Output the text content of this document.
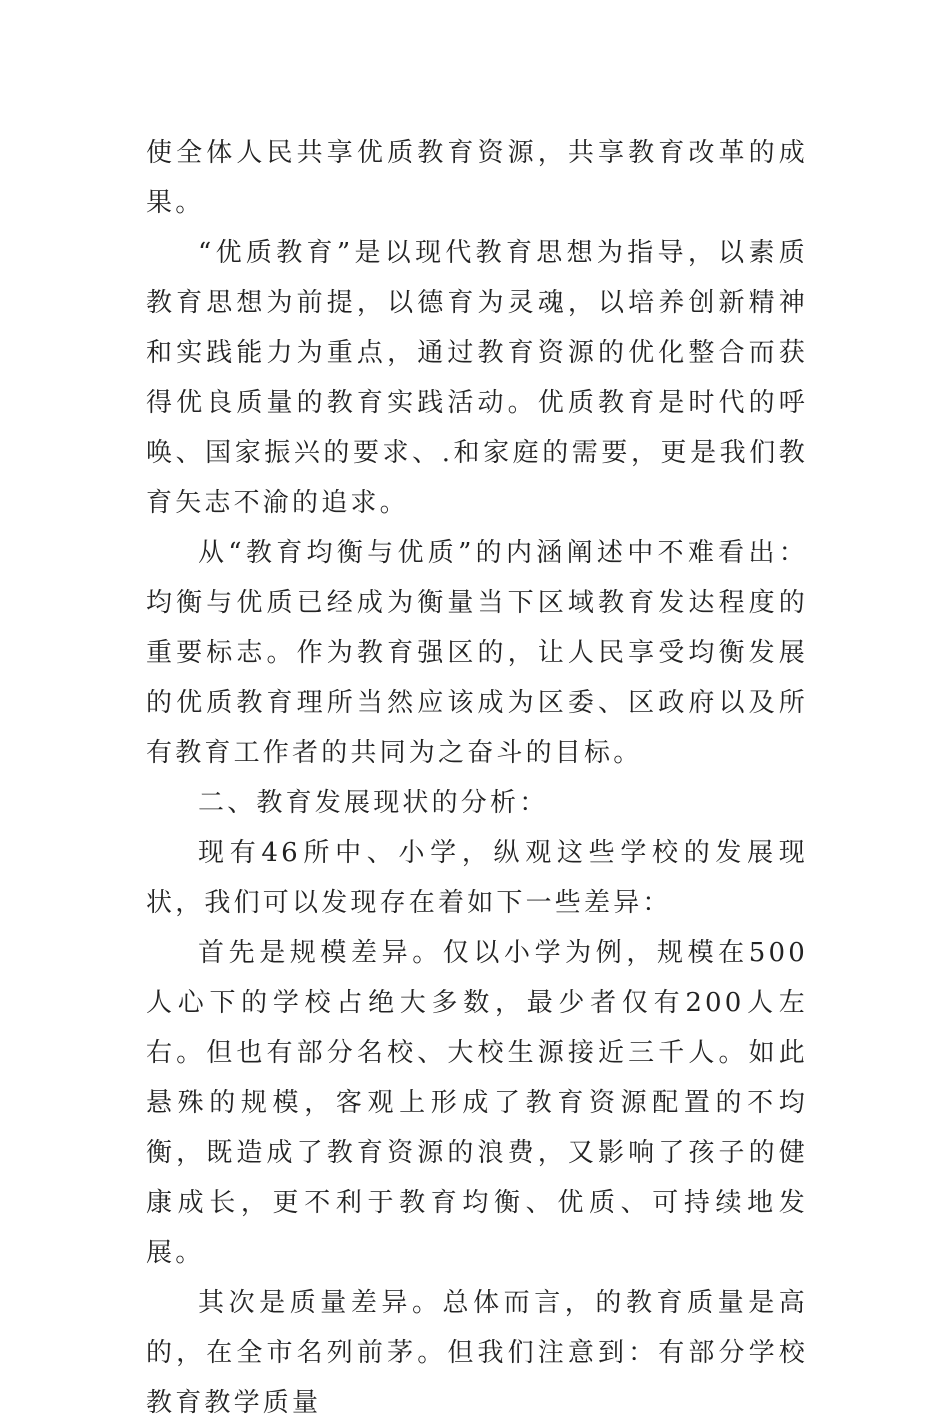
使全体人民共享优质教育资源，共享教育改革的成果。

“优质教育”是以现代教育思想为指导，以素质教育思想为前提，以德育为灵魂，以培养创新精神和实践能力为重点，通过教育资源的优化整合而获得优良质量的教育实践活动。优质教育是时代的呼唤、国家振兴的要求、.和家庭的需要，更是我们教育矢志不渝的追求。

从“教育均衡与优质”的内涵阐述中不难看出：均衡与优质已经成为衡量当下区域教育发达程度的重要标志。作为教育强区的，让人民享受均衡发展的优质教育理所当然应该成为区委、区政府以及所有教育工作者的共同为之奋斗的目标。

二、教育发展现状的分析：

现有46所中、小学，纵观这些学校的发展现状，我们可以发现存在着如下一些差异：

首先是规模差异。仅以小学为例，规模在500人心下的学校占绝大多数，最少者仅有200人左右。但也有部分名校、大校生源接近三千人。如此悬殊的规模，客观上形成了教育资源配置的不均衡，既造成了教育资源的浪费，又影响了孩子的健康成长，更不利于教育均衡、优质、可持续地发展。

其次是质量差异。总体而言，的教育质量是高的，在全市名列前茅。但我们注意到：有部分学校教育教学质量
